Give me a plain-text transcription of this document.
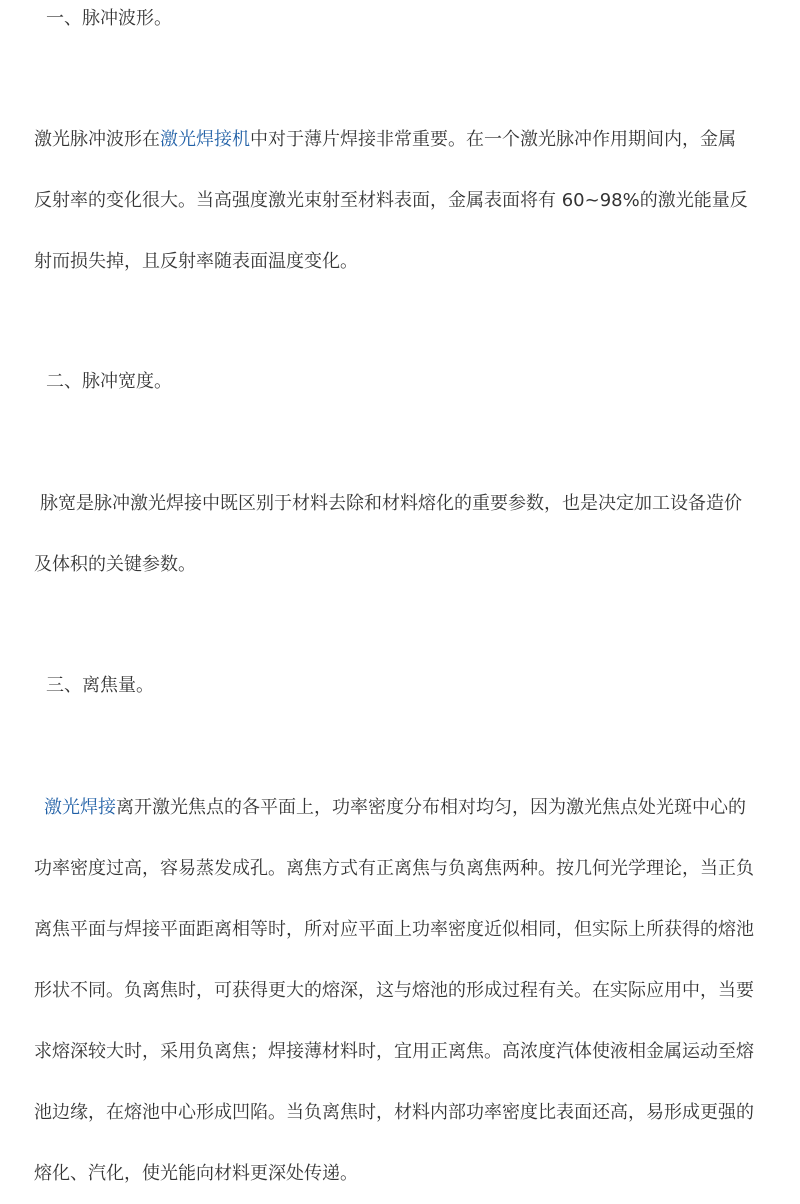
一、脉冲波形。
激光脉冲波形在激光焊接机中对于薄片焊接非常重要。在一个激光脉冲作用期间内，金属
反射率的变化很大。当高强度激光束射至材料表面，金属表面将有 60~98%的激光能量反
射而损失掉，且反射率随表面温度变化。
二、脉冲宽度。
脉宽是脉冲激光焊接中既区别于材料去除和材料熔化的重要参数，也是决定加工设备造价
及体积的关键参数。
三、离焦量。
激光焊接离开激光焦点的各平面上，功率密度分布相对均匀，因为激光焦点处光斑中心的
功率密度过高，容易蒸发成孔。离焦方式有正离焦与负离焦两种。按几何光学理论，当正负
离焦平面与焊接平面距离相等时，所对应平面上功率密度近似相同，但实际上所获得的熔池
形状不同。负离焦时，可获得更大的熔深，这与熔池的形成过程有关。在实际应用中，当要
求熔深较大时，采用负离焦；焊接薄材料时，宜用正离焦。高浓度汽体使液相金属运动至熔
池边缘，在熔池中心形成凹陷。当负离焦时，材料内部功率密度比表面还高，易形成更强的
熔化、汽化，使光能向材料更深处传递。
